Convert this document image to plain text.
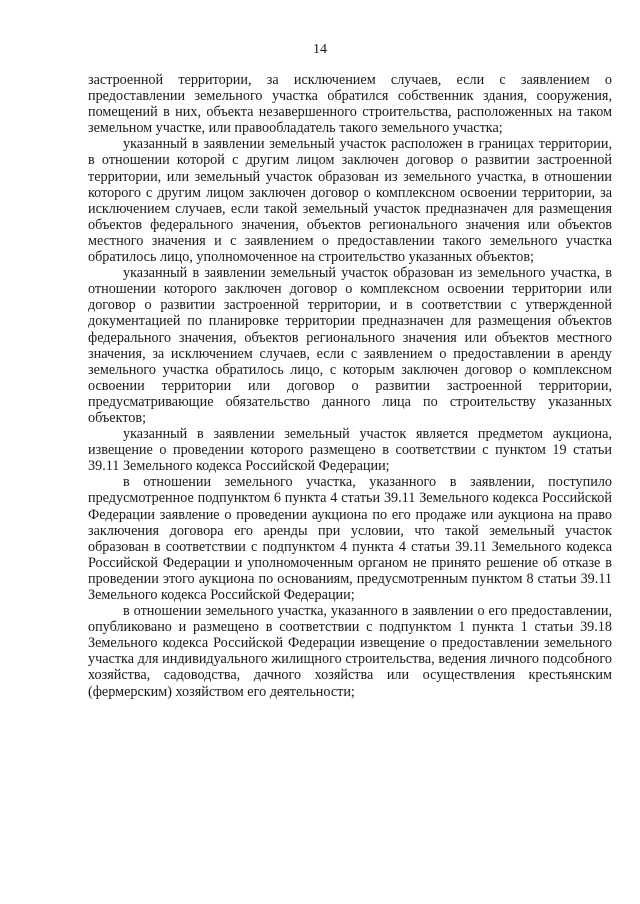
14

застроенной территории, за исключением случаев, если с заявлением о предоставлении земельного участка обратился собственник здания, сооружения, помещений в них, объекта незавершенного строительства, расположенных на таком земельном участке, или правообладатель такого земельного участка;

указанный в заявлении земельный участок расположен в границах территории, в отношении которой с другим лицом заключен договор о развитии застроенной территории, или земельный участок образован из земельного участка, в отношении которого с другим лицом заключен договор о комплексном освоении территории, за исключением случаев, если такой земельный участок предназначен для размещения объектов федерального значения, объектов регионального значения или объектов местного значения и с заявлением о предоставлении такого земельного участка обратилось лицо, уполномоченное на строительство указанных объектов;

указанный в заявлении земельный участок образован из земельного участка, в отношении которого заключен договор о комплексном освоении территории или договор о развитии застроенной территории, и в соответствии с утвержденной документацией по планировке территории предназначен для размещения объектов федерального значения, объектов регионального значения или объектов местного значения, за исключением случаев, если с заявлением о предоставлении в аренду земельного участка обратилось лицо, с которым заключен договор о комплексном освоении территории или договор о развитии застроенной территории, предусматривающие обязательство данного лица по строительству указанных объектов;

указанный в заявлении земельный участок является предметом аукциона, извещение о проведении которого размещено в соответствии с пунктом 19 статьи 39.11 Земельного кодекса Российской Федерации;

в отношении земельного участка, указанного в заявлении, поступило предусмотренное подпунктом 6 пункта 4 статьи 39.11 Земельного кодекса Российской Федерации заявление о проведении аукциона по его продаже или аукциона на право заключения договора его аренды при условии, что такой земельный участок образован в соответствии с подпунктом 4 пункта 4 статьи 39.11 Земельного кодекса Российской Федерации и уполномоченным органом не принято решение об отказе в проведении этого аукциона по основаниям, предусмотренным пунктом 8 статьи 39.11 Земельного кодекса Российской Федерации;

в отношении земельного участка, указанного в заявлении о его предоставлении, опубликовано и размещено в соответствии с подпунктом 1 пункта 1 статьи 39.18 Земельного кодекса Российской Федерации извещение о предоставлении земельного участка для индивидуального жилищного строительства, ведения личного подсобного хозяйства, садоводства, дачного хозяйства или осуществления крестьянским (фермерским) хозяйством его деятельности;
